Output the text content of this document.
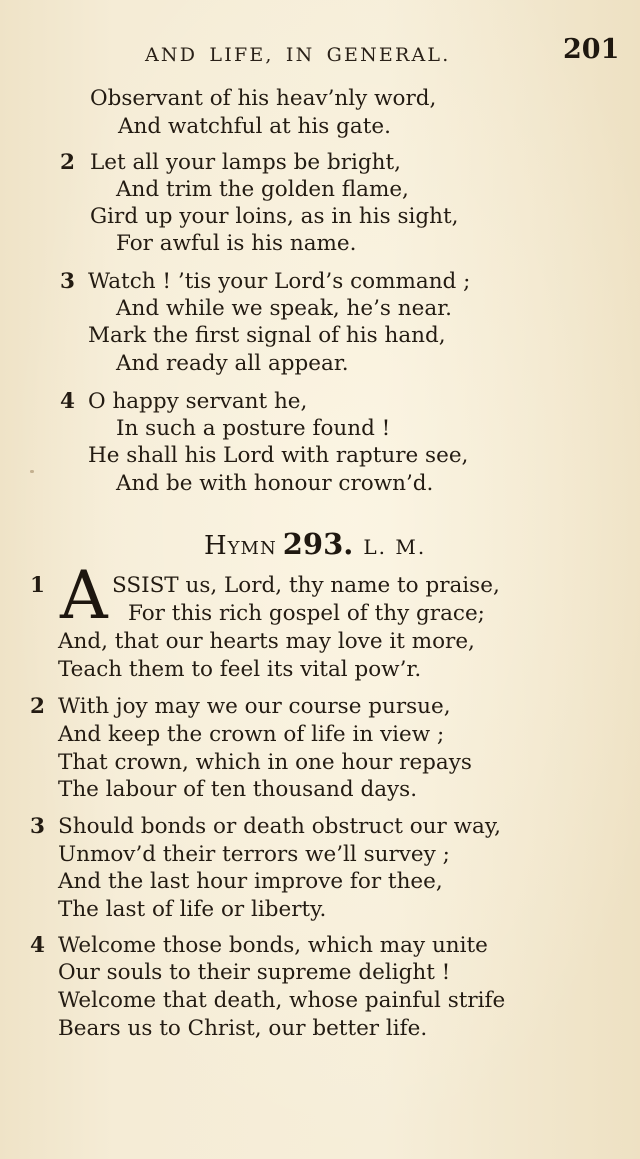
AND LIFE, IN GENERAL.	201
Observant of his heav’nly word,
And watchful at his gate.
2 Let all your lamps be bright,
And trim the golden flame,
Gird up your loins, as in his sight,
For awful is his name.
3 Watch ! ’tis your Lord’s command ;
And while we speak, he’s near.
Mark the first signal of his hand,
And ready all appear.
4 O happy servant he,
In such a posture found !
He shall his Lord with rapture see,
And be with honour crown’d.
Hymn 293. L. M.
1 A SSIST us, Lord, thy name to praise,
For this rich gospel of thy grace;
And, that our hearts may love it more,
Teach them to feel its vital pow’r.
2 With joy may we our course pursue,
And keep the crown of life in view ;
That crown, which in one hour repays
The labour of ten thousand days.
3 Should bonds or death obstruct our way,
Unmov’d their terrors we’ll survey ;
And the last hour improve for thee,
The last of life or liberty.
4 Welcome those bonds, which may unite
Our souls to their supreme delight !
Welcome that death, whose painful strife
Bears us to Christ, our better life.
